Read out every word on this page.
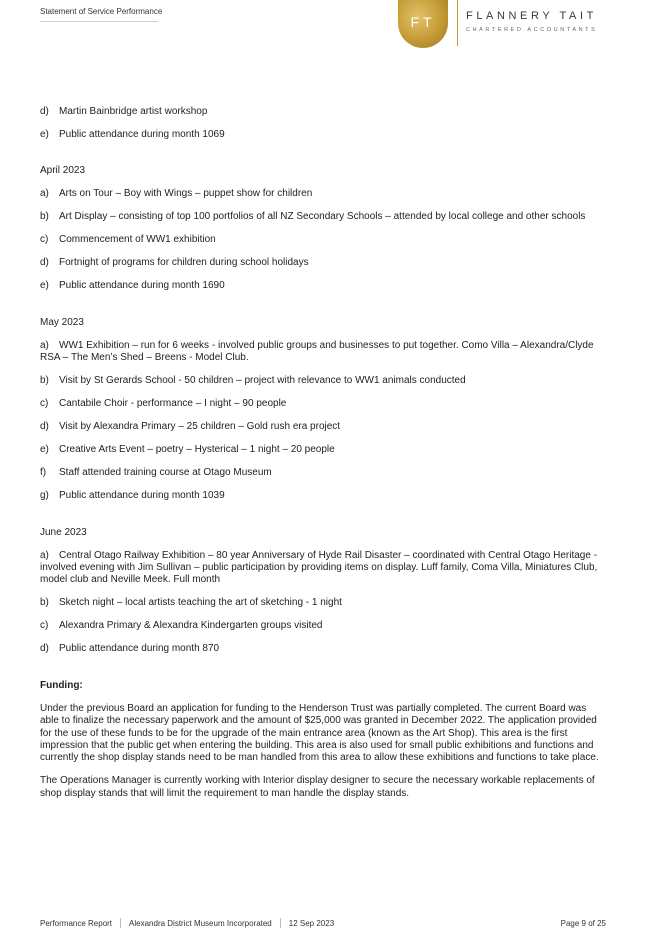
Statement of Service Performance
FT	FLANNERY TAIT
CHARTERED ACCOUNTANTS
d)	Martin Bainbridge artist workshop
e)	Public attendance during month 1069
April 2023
a)	Arts on Tour – Boy with Wings – puppet show for children
b)	Art Display – consisting of top 100 portfolios of all NZ Secondary Schools – attended by local college and other schools
c)	Commencement of WW1 exhibition
d)	Fortnight of programs for children during school holidays
e)	Public attendance during month 1690
May 2023
a) WW1 Exhibition – run for 6 weeks - involved public groups and businesses to put together. Como Villa – Alexandra/Clyde RSA – The Men’s Shed – Breens - Model Club.
b)	Visit by St Gerards School - 50 children – project with relevance to WW1 animals conducted
c)	Cantabile Choir - performance – I night – 90 people
d)	Visit by Alexandra Primary – 25 children – Gold rush era project
e)	Creative Arts Event – poetry – Hysterical – 1 night – 20 people
f)	Staff attended training course at Otago Museum
g)	Public attendance during month 1039
June 2023
a) Central Otago Railway Exhibition – 80 year Anniversary of Hyde Rail Disaster – coordinated with Central Otago Heritage - involved evening with Jim Sullivan – public participation by providing items on display. Luff family, Coma Villa, Miniatures Club, model club and Neville Meek. Full month
b)	Sketch night – local artists teaching the art of sketching - 1 night
c)	Alexandra Primary & Alexandra Kindergarten groups visited
d)	Public attendance during month 870
Funding:
Under the previous Board an application for funding to the Henderson Trust was partially completed. The current Board was able to finalize the necessary paperwork and the amount of $25,000 was granted in December 2022. The application provided for the use of these funds to be for the upgrade of the main entrance area (known as the Art Shop). This area is the first impression that the public get when entering the building. This area is also used for small public exhibitions and functions and currently the shop display stands need to be man handled from this area to allow these exhibitions and functions to take place.
The Operations Manager is currently working with Interior display designer to secure the necessary workable replacements of shop display stands that will limit the requirement to man handle the display stands.
Performance Report Alexandra District Museum Incorporated 12 Sep 2023	Page 9 of 25
